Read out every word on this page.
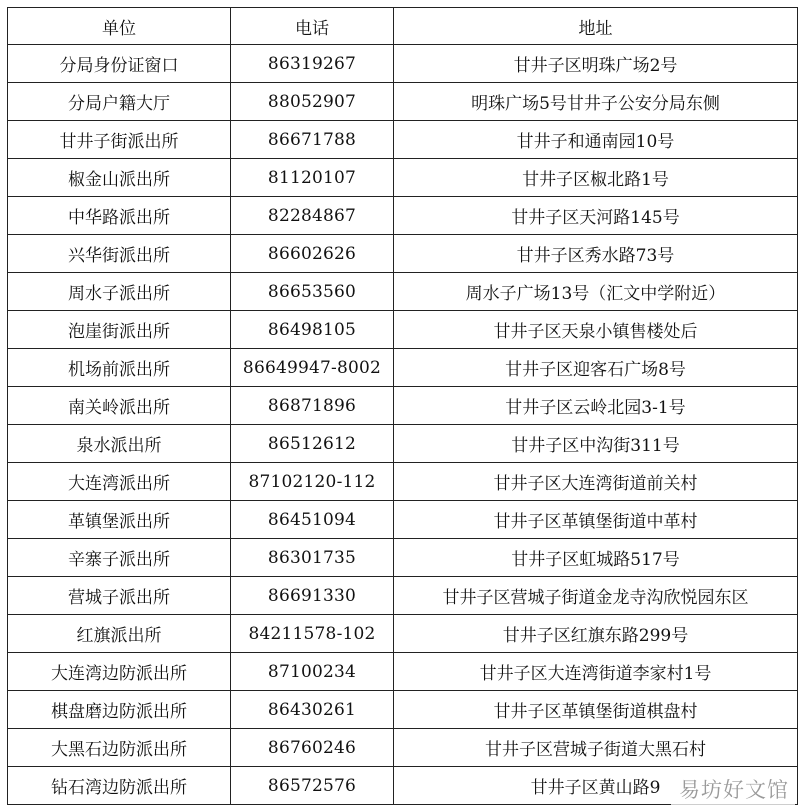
单位	电话	地址
分局身份证窗口	86319267	甘井子区明珠广场2号
分局户籍大厅	88052907	明珠广场5号甘井子公安分局东侧
甘井子街派出所	86671788	甘井子和通南园10号
椒金山派出所	81120107	甘井子区椒北路1号
中华路派出所	82284867	甘井子区天河路145号
兴华街派出所	86602626	甘井子区秀水路73号
周水子派出所	86653560	周水子广场13号（汇文中学附近）
泡崖街派出所	86498105	甘井子区天泉小镇售楼处后
机场前派出所	86649947-8002	甘井子区迎客石广场8号
南关岭派出所	86871896	甘井子区云岭北园3-1号
泉水派出所	86512612	甘井子区中沟街311号
大连湾派出所	87102120-112	甘井子区大连湾街道前关村
革镇堡派出所	86451094	甘井子区革镇堡街道中革村
辛寨子派出所	86301735	甘井子区虹城路517号
营城子派出所	86691330	甘井子区营城子街道金龙寺沟欣悦园东区
红旗派出所	84211578-102	甘井子区红旗东路299号
大连湾边防派出所	87100234	甘井子区大连湾街道李家村1号
棋盘磨边防派出所	86430261	甘井子区革镇堡街道棋盘村
大黑石边防派出所	86760246	甘井子区营城子街道大黑石村
钻石湾边防派出所	86572576	甘井子区黄山路9 易坊好文馆
